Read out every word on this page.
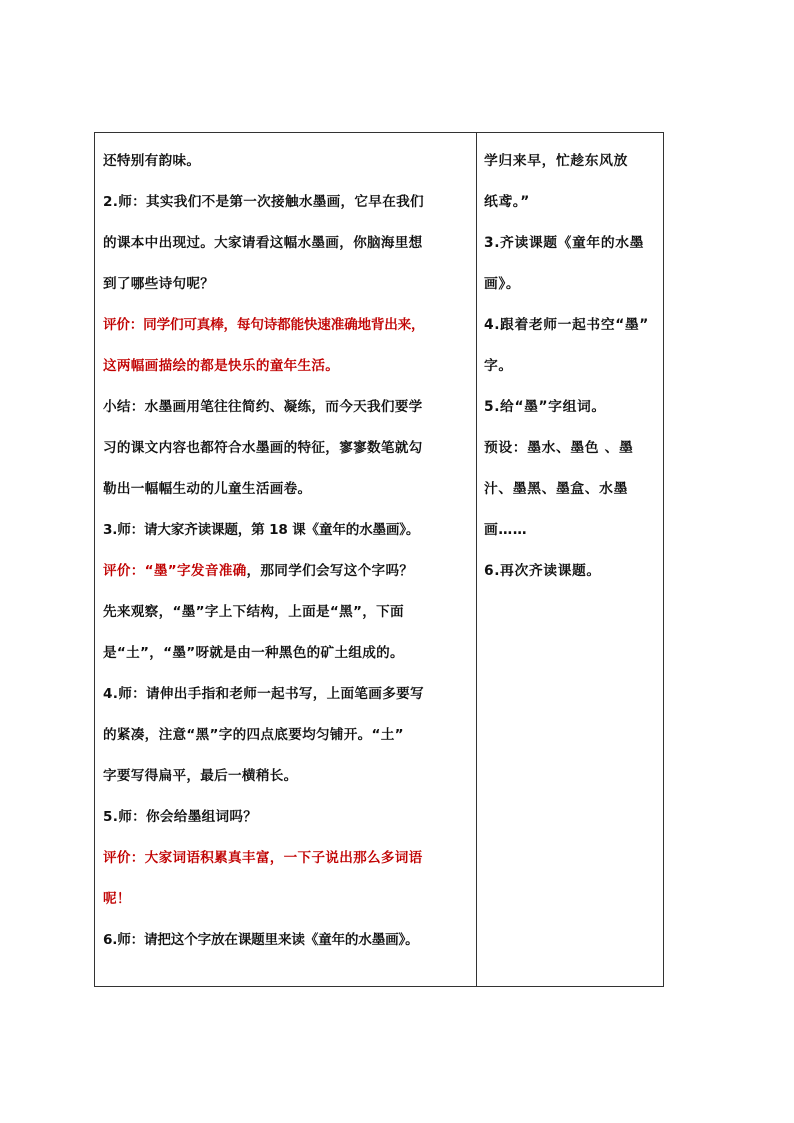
还特别有韵味。
2.师：其实我们不是第一次接触水墨画，它早在我们
的课本中出现过。大家请看这幅水墨画，你脑海里想
到了哪些诗句呢？
评价：同学们可真棒，每句诗都能快速准确地背出来，
这两幅画描绘的都是快乐的童年生活。
小结：水墨画用笔往往简约、凝练，而今天我们要学
习的课文内容也都符合水墨画的特征，寥寥数笔就勾
勒出一幅幅生动的儿童生活画卷。
3.师：请大家齐读课题，第 18 课《童年的水墨画》。
评价：“墨”字发音准确，那同学们会写这个字吗？
先来观察，“墨”字上下结构，上面是“黑”，下面
是“土”，“墨”呀就是由一种黑色的矿土组成的。
4.师：请伸出手指和老师一起书写，上面笔画多要写
的紧凑，注意“黑”字的四点底要均匀铺开。“土”
字要写得扁平，最后一横稍长。
5.师：你会给墨组词吗？
评价：大家词语积累真丰富，一下子说出那么多词语
呢！
6.师：请把这个字放在课题里来读《童年的水墨画》。
学归来早，忙趁东风放
纸鸢。”
3.齐读课题《童年的水墨
画》。
4.跟着老师一起书空“墨”
字。
5.给“墨”字组词。
预设：墨水、墨色 、墨
汁、墨黑、墨盒、水墨
画……
6.再次齐读课题。
